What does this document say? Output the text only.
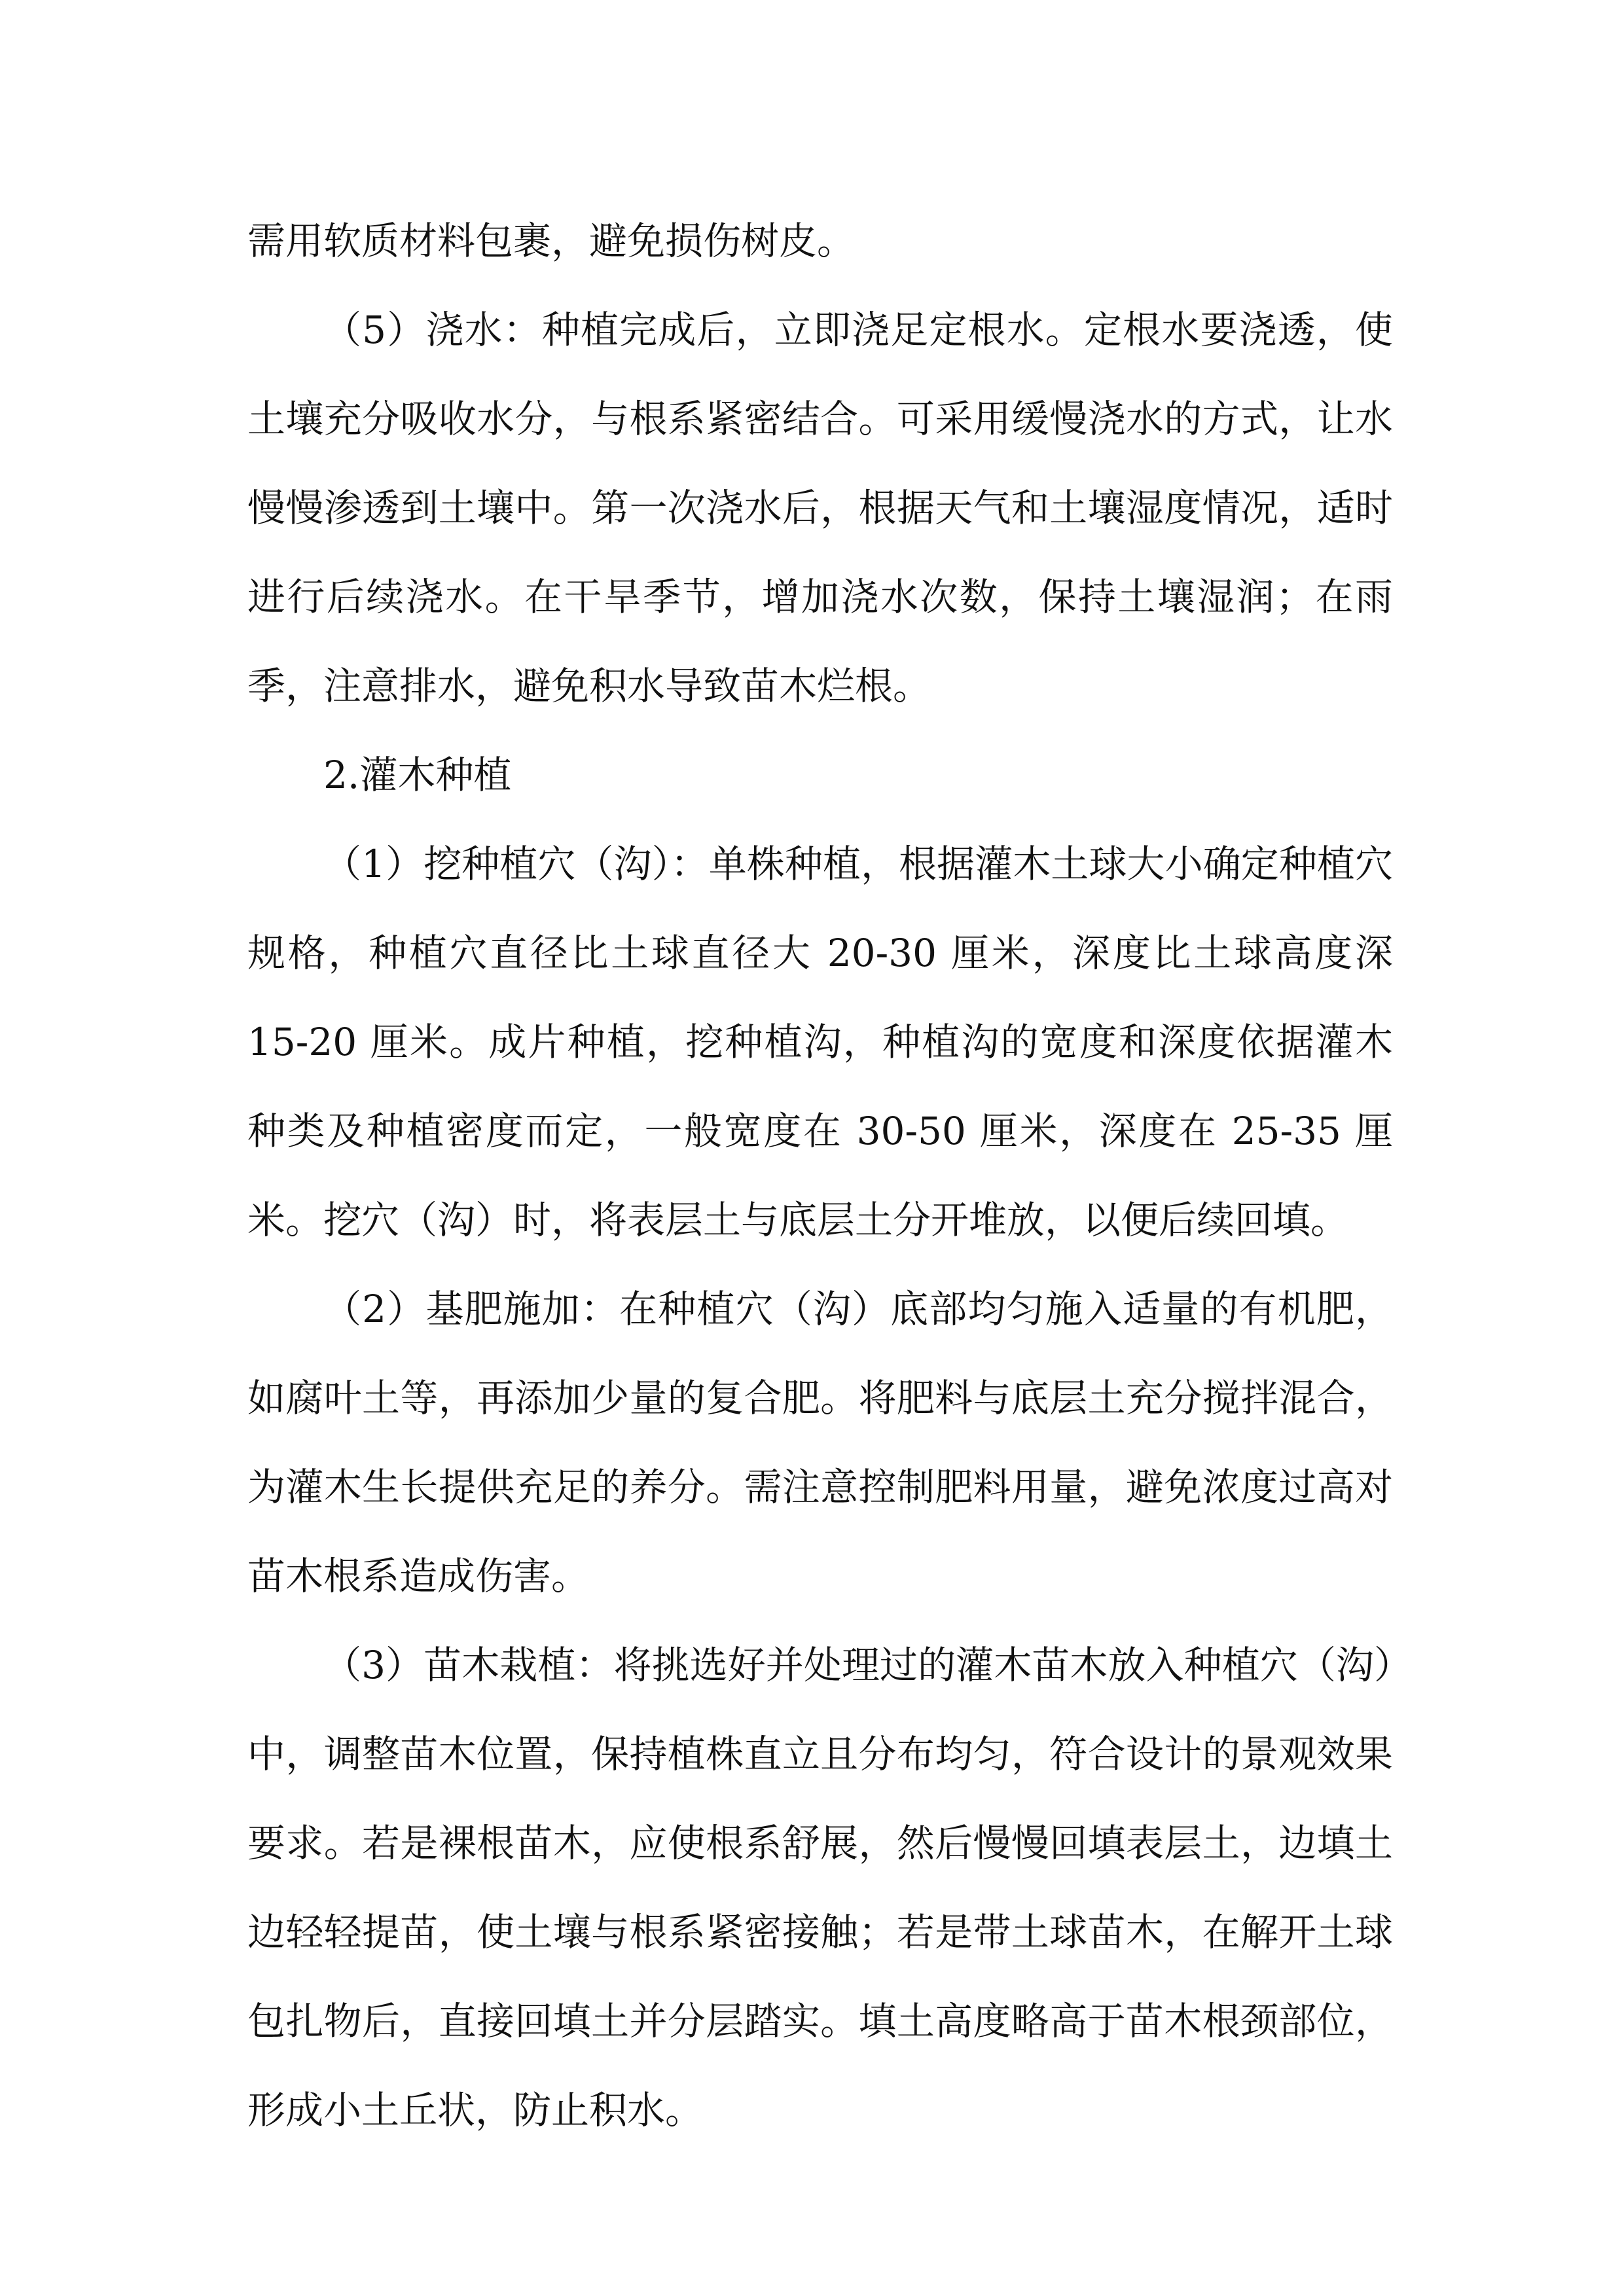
需用软质材料包裹，避免损伤树皮。

（5）浇水：种植完成后，立即浇足定根水。定根水要浇透，使土壤充分吸收水分，与根系紧密结合。可采用缓慢浇水的方式，让水慢慢渗透到土壤中。第一次浇水后，根据天气和土壤湿度情况，适时进行后续浇水。在干旱季节，增加浇水次数，保持土壤湿润；在雨季，注意排水，避免积水导致苗木烂根。

2.灌木种植

（1）挖种植穴（沟）：单株种植，根据灌木土球大小确定种植穴规格，种植穴直径比土球直径大 20-30 厘米，深度比土球高度深 15-20 厘米。成片种植，挖种植沟，种植沟的宽度和深度依据灌木种类及种植密度而定，一般宽度在 30-50 厘米，深度在 25-35 厘米。挖穴（沟）时，将表层土与底层土分开堆放，以便后续回填。

（2）基肥施加：在种植穴（沟）底部均匀施入适量的有机肥，如腐叶土等，再添加少量的复合肥。将肥料与底层土充分搅拌混合，为灌木生长提供充足的养分。需注意控制肥料用量，避免浓度过高对苗木根系造成伤害。

（3）苗木栽植：将挑选好并处理过的灌木苗木放入种植穴（沟）中，调整苗木位置，保持植株直立且分布均匀，符合设计的景观效果要求。若是裸根苗木，应使根系舒展，然后慢慢回填表层土，边填土边轻轻提苗，使土壤与根系紧密接触；若是带土球苗木，在解开土球包扎物后，直接回填土并分层踏实。填土高度略高于苗木根颈部位，形成小土丘状，防止积水。
